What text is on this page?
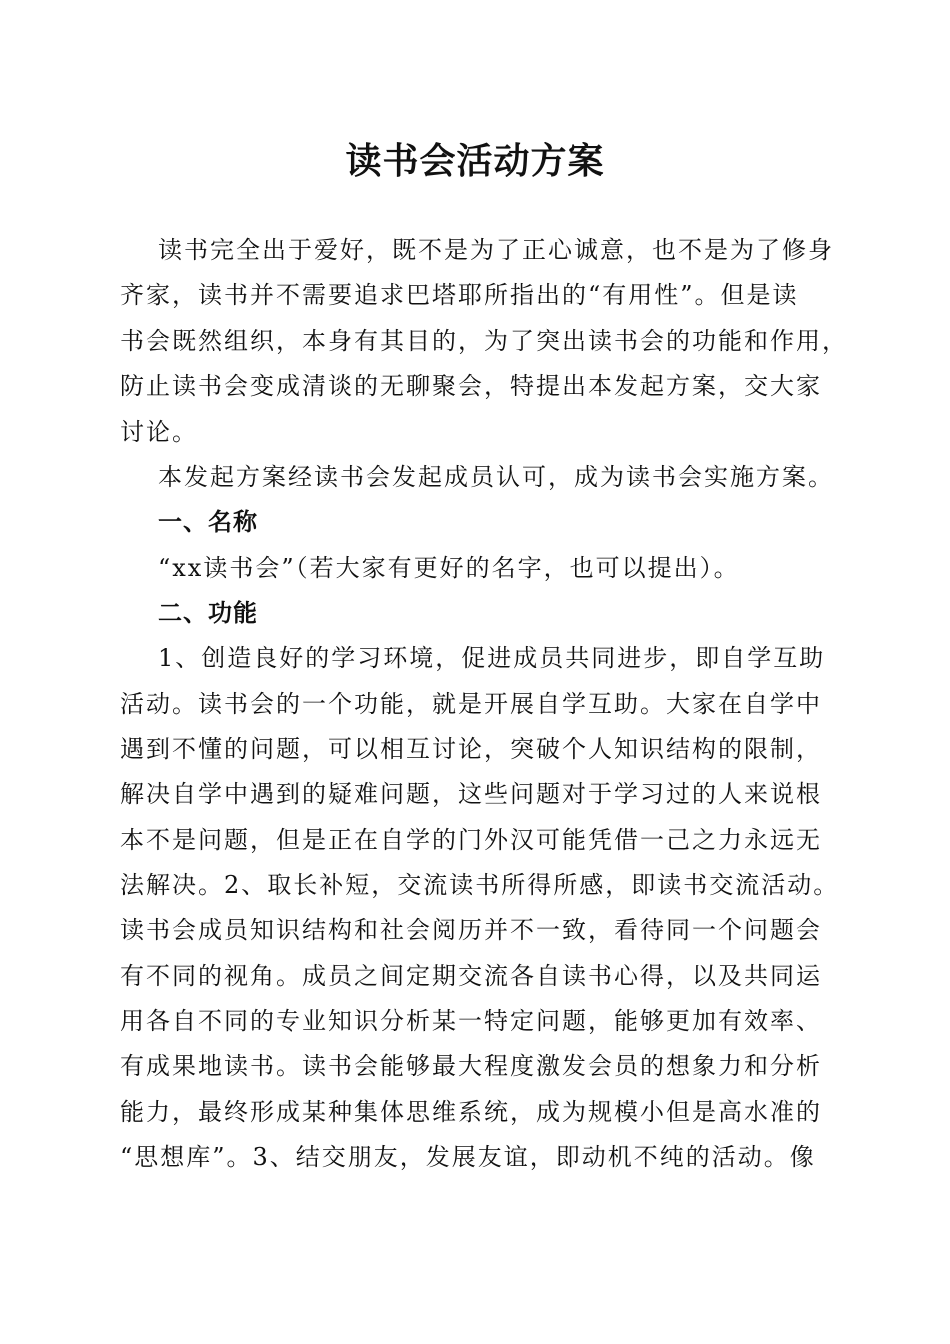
读书会活动方案

读书完全出于爱好，既不是为了正心诚意，也不是为了修身

齐家，读书并不需要追求巴塔耶所指出的“有用性”。但是读

书会既然组织，本身有其目的，为了突出读书会的功能和作用，

防止读书会变成清谈的无聊聚会，特提出本发起方案，交大家

讨论。

本发起方案经读书会发起成员认可，成为读书会实施方案。

一、名称

“xx读书会”（若大家有更好的名字，也可以提出）。

二、功能

1、创造良好的学习环境，促进成员共同进步，即自学互助

活动。读书会的一个功能，就是开展自学互助。大家在自学中

遇到不懂的问题，可以相互讨论，突破个人知识结构的限制，

解决自学中遇到的疑难问题，这些问题对于学习过的人来说根

本不是问题，但是正在自学的门外汉可能凭借一己之力永远无

法解决。2、取长补短，交流读书所得所感，即读书交流活动。

读书会成员知识结构和社会阅历并不一致，看待同一个问题会

有不同的视角。成员之间定期交流各自读书心得，以及共同运

用各自不同的专业知识分析某一特定问题，能够更加有效率、

有成果地读书。读书会能够最大程度激发会员的想象力和分析

能力，最终形成某种集体思维系统，成为规模小但是高水准的

“思想库”。3、结交朋友，发展友谊，即动机不纯的活动。像
